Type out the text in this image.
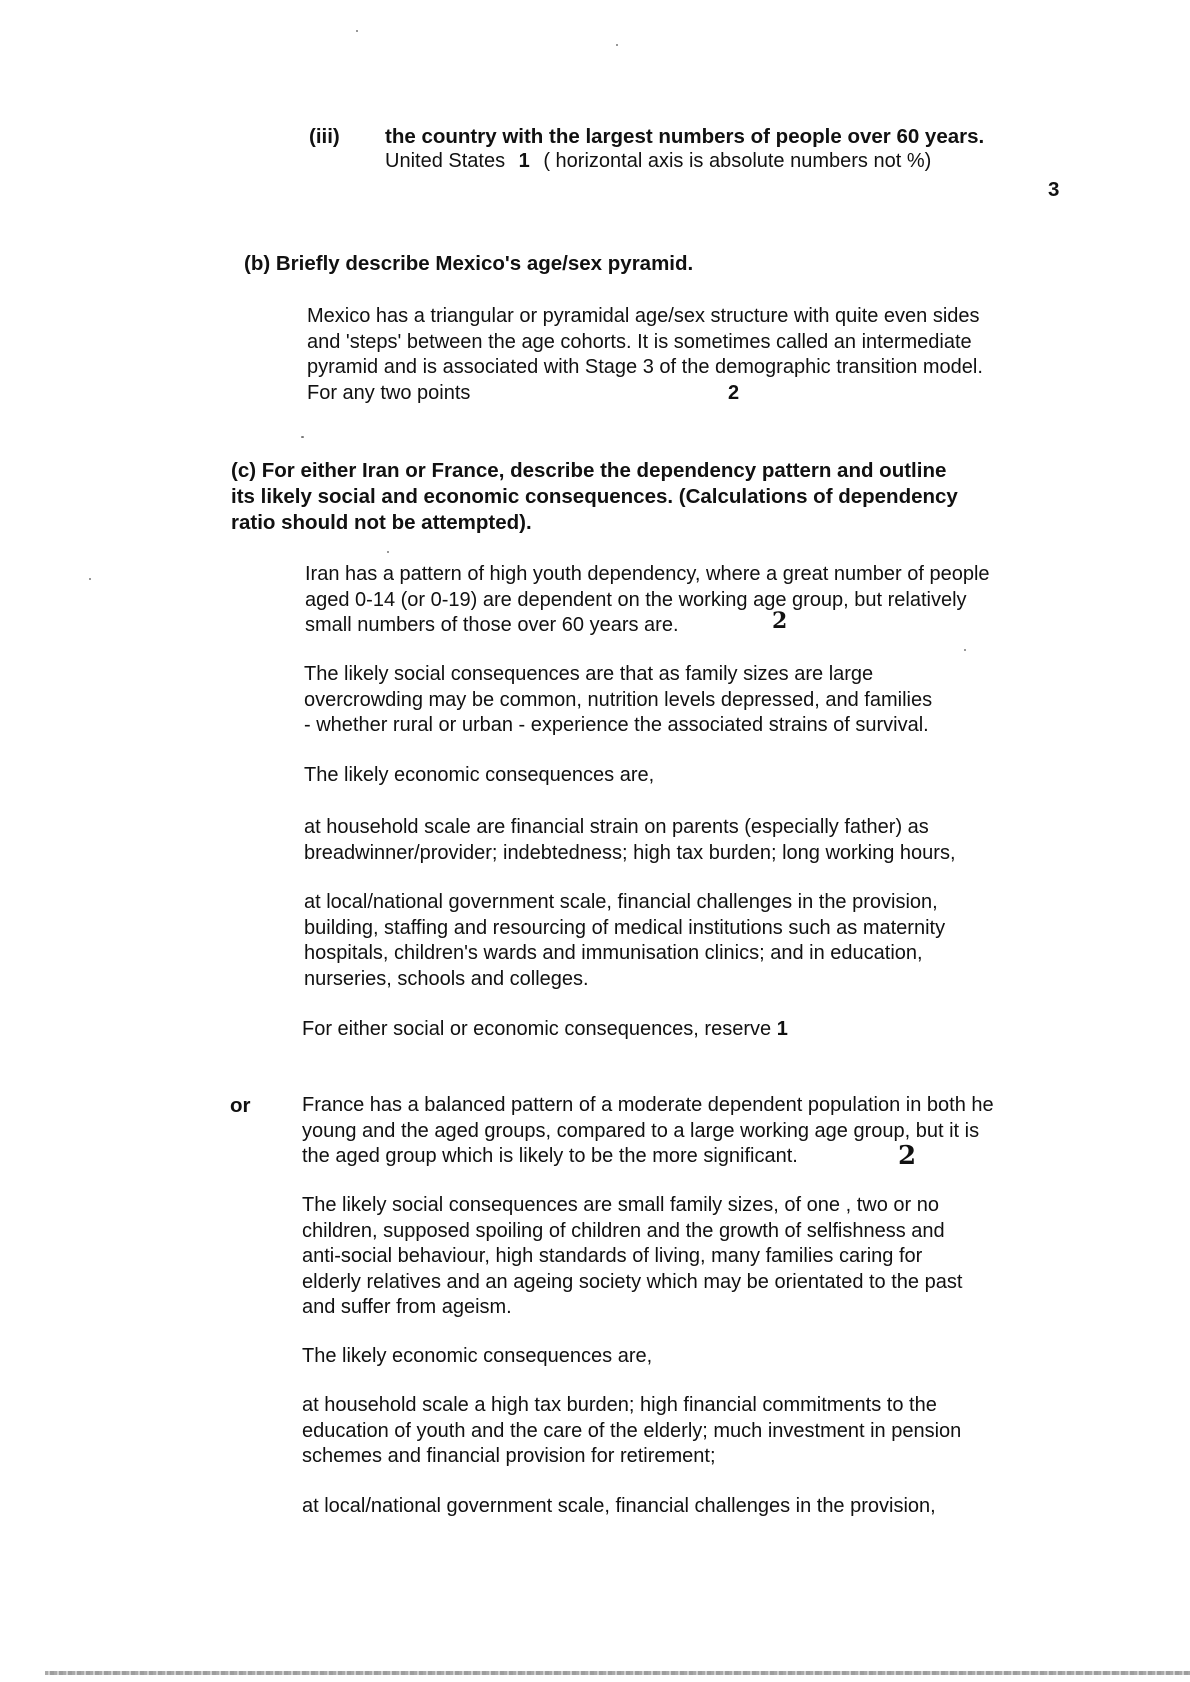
(iii) the country with the largest numbers of people over 60 years.
United States 1 ( horizontal axis is absolute numbers not %)
3
(b) Briefly describe Mexico's age/sex pyramid.
Mexico has a triangular or pyramidal age/sex structure with quite even sides
and 'steps' between the age cohorts. It is sometimes called an intermediate
pyramid and is associated with Stage 3 of the demographic transition model.
For any two points	2
(c) For either Iran or France, describe the dependency pattern and outline
its likely social and economic consequences. (Calculations of dependency
ratio should not be attempted).
Iran has a pattern of high youth dependency, where a great number of people
aged 0-14 (or 0-19) are dependent on the working age group, but relatively
small numbers of those over 60 years are.	2
The likely social consequences are that as family sizes are large
overcrowding may be common, nutrition levels depressed, and families
- whether rural or urban - experience the associated strains of survival.
The likely economic consequences are,
at household scale are financial strain on parents (especially father) as
breadwinner/provider; indebtedness; high tax burden; long working hours,
at local/national government scale, financial challenges in the provision,
building, staffing and resourcing of medical institutions such as maternity
hospitals, children's wards and immunisation clinics; and in education,
nurseries, schools and colleges.
For either social or economic consequences, reserve 1
or	France has a balanced pattern of a moderate dependent population in both he
young and the aged groups, compared to a large working age group, but it is
the aged group which is likely to be the more significant.	2
The likely social consequences are small family sizes, of one , two or no
children, supposed spoiling of children and the growth of selfishness and
anti-social behaviour, high standards of living, many families caring for
elderly relatives and an ageing society which may be orientated to the past
and suffer from ageism.
The likely economic consequences are,
at household scale a high tax burden; high financial commitments to the
education of youth and the care of the elderly; much investment in pension
schemes and financial provision for retirement;
at local/national government scale, financial challenges in the provision,
